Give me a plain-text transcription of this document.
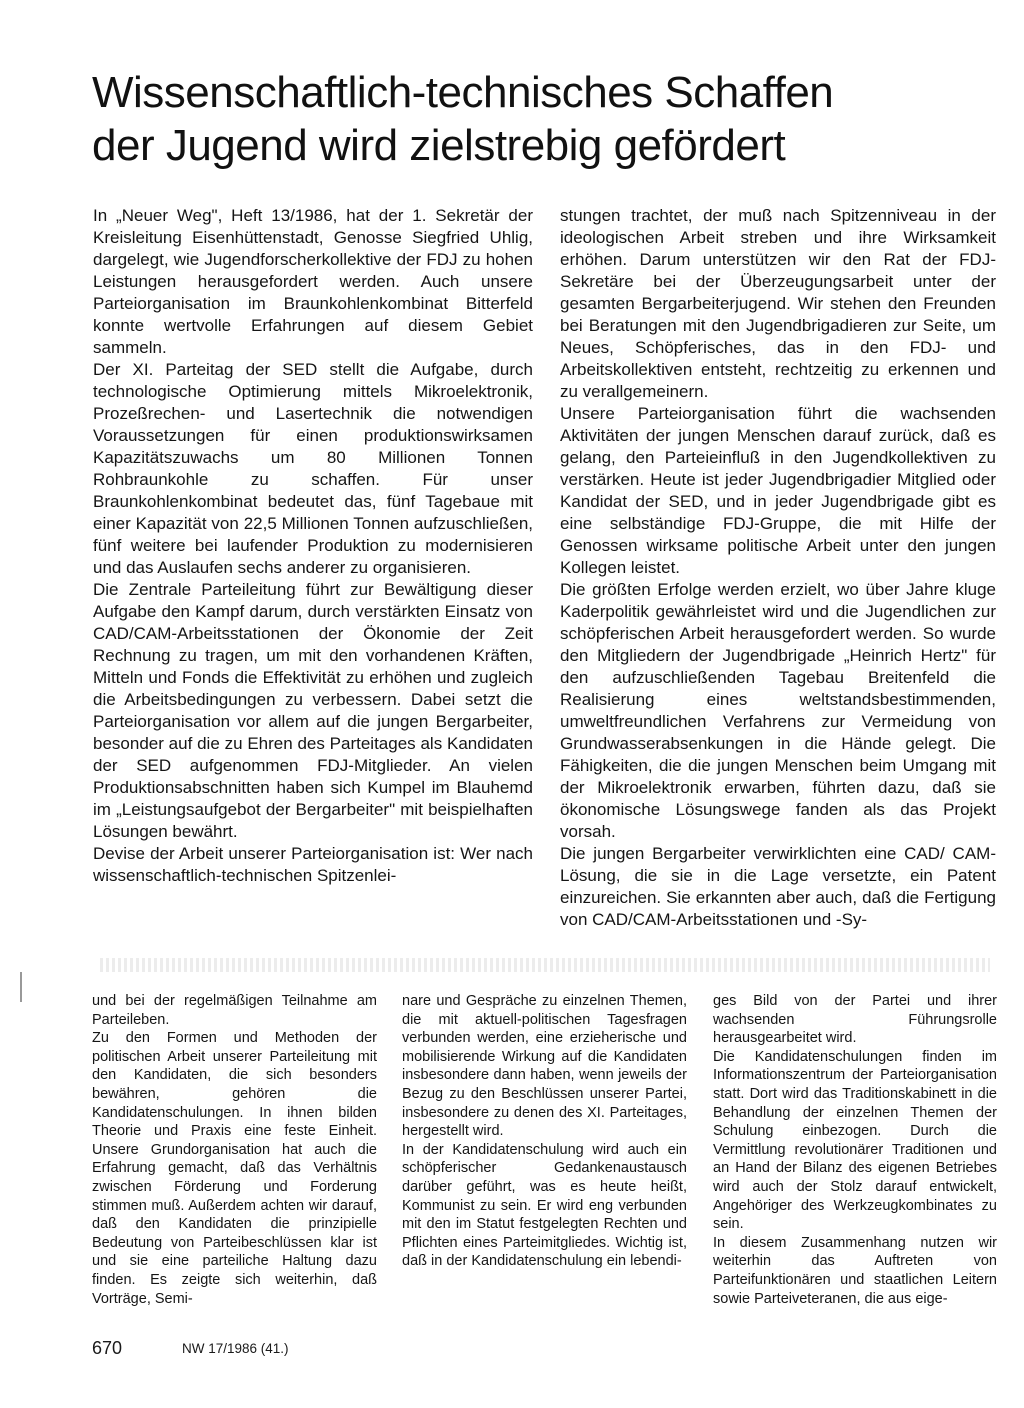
Wissenschaftlich-technisches Schaffen
der Jugend wird zielstrebig gefördert

In „Neuer Weg", Heft 13/1986, hat der 1. Sekretär der Kreisleitung Eisenhüttenstadt, Genosse Siegfried Uhlig, dargelegt, wie Jugendforscherkollektive der FDJ zu hohen Leistungen herausgefordert werden. Auch unsere Parteiorganisation im Braunkohlenkombinat Bitterfeld konnte wertvolle Erfahrungen auf diesem Gebiet sammeln.

Der XI. Parteitag der SED stellt die Aufgabe, durch technologische Optimierung mittels Mikroelektronik, Prozeßrechen- und Lasertechnik die notwendigen Voraussetzungen für einen produktionswirksamen Kapazitätszuwachs um 80 Millionen Tonnen Rohbraunkohle zu schaffen. Für unser Braunkohlenkombinat bedeutet das, fünf Tagebaue mit einer Kapazität von 22,5 Millionen Tonnen aufzuschließen, fünf weitere bei laufender Produktion zu modernisieren und das Auslaufen sechs anderer zu organisieren.

Die Zentrale Parteileitung führt zur Bewältigung dieser Aufgabe den Kampf darum, durch verstärkten Einsatz von CAD/CAM-Arbeitsstationen der Ökonomie der Zeit Rechnung zu tragen, um mit den vorhandenen Kräften, Mitteln und Fonds die Effektivität zu erhöhen und zugleich die Arbeitsbedingungen zu verbessern. Dabei setzt die Parteiorganisation vor allem auf die jungen Bergarbeiter, besonder auf die zu Ehren des Parteitages als Kandidaten der SED aufgenommen FDJ-Mitglieder. An vielen Produktionsabschnitten haben sich Kumpel im Blauhemd im „Leistungsaufgebot der Bergarbeiter" mit beispielhaften Lösungen bewährt.

Devise der Arbeit unserer Parteiorganisation ist: Wer nach wissenschaftlich-technischen Spitzenlei-

stungen trachtet, der muß nach Spitzenniveau in der ideologischen Arbeit streben und ihre Wirksamkeit erhöhen. Darum unterstützen wir den Rat der FDJ-Sekretäre bei der Überzeugungsarbeit unter der gesamten Bergarbeiterjugend. Wir stehen den Freunden bei Beratungen mit den Jugendbrigadieren zur Seite, um Neues, Schöpferisches, das in den FDJ- und Arbeitskollektiven entsteht, rechtzeitig zu erkennen und zu verallgemeinern.

Unsere Parteiorganisation führt die wachsenden Aktivitäten der jungen Menschen darauf zurück, daß es gelang, den Parteieinfluß in den Jugendkollektiven zu verstärken. Heute ist jeder Jugendbrigadier Mitglied oder Kandidat der SED, und in jeder Jugendbrigade gibt es eine selbständige FDJ-Gruppe, die mit Hilfe der Genossen wirksame politische Arbeit unter den jungen Kollegen leistet.

Die größten Erfolge werden erzielt, wo über Jahre kluge Kaderpolitik gewährleistet wird und die Jugendlichen zur schöpferischen Arbeit herausgefordert werden. So wurde den Mitgliedern der Jugendbrigade „Heinrich Hertz" für den aufzuschließenden Tagebau Breitenfeld die Realisierung eines weltstandsbestimmenden, umweltfreundlichen Verfahrens zur Vermeidung von Grundwasserabsenkungen in die Hände gelegt. Die Fähigkeiten, die die jungen Menschen beim Umgang mit der Mikroelektronik erwarben, führten dazu, daß sie ökonomische Lösungswege fanden als das Projekt vorsah.

Die jungen Bergarbeiter verwirklichten eine CAD/ CAM-Lösung, die sie in die Lage versetzte, ein Patent einzureichen. Sie erkannten aber auch, daß die Fertigung von CAD/CAM-Arbeitsstationen und -Sy-

und bei der regelmäßigen Teilnahme am Parteileben.

Zu den Formen und Methoden der politischen Arbeit unserer Parteileitung mit den Kandidaten, die sich besonders bewähren, gehören die Kandidatenschulungen. In ihnen bilden Theorie und Praxis eine feste Einheit. Unsere Grundorganisation hat auch die Erfahrung gemacht, daß das Verhältnis zwischen Förderung und Forderung stimmen muß. Außerdem achten wir darauf, daß den Kandidaten die prinzipielle Bedeutung von Parteibeschlüssen klar ist und sie eine parteiliche Haltung dazu finden. Es zeigte sich weiterhin, daß Vorträge, Semi-

nare und Gespräche zu einzelnen Themen, die mit aktuell-politischen Tagesfragen verbunden werden, eine erzieherische und mobilisierende Wirkung auf die Kandidaten insbesondere dann haben, wenn jeweils der Bezug zu den Beschlüssen unserer Partei, insbesondere zu denen des XI. Parteitages, hergestellt wird.

In der Kandidatenschulung wird auch ein schöpferischer Gedankenaustausch darüber geführt, was es heute heißt, Kommunist zu sein. Er wird eng verbunden mit den im Statut festgelegten Rechten und Pflichten eines Parteimitgliedes. Wichtig ist, daß in der Kandidatenschulung ein lebendi-

ges Bild von der Partei und ihrer wachsenden Führungsrolle herausgearbeitet wird.

Die Kandidatenschulungen finden im Informationszentrum der Parteiorganisation statt. Dort wird das Traditionskabinett in die Behandlung der einzelnen Themen der Schulung einbezogen. Durch die Vermittlung revolutionärer Traditionen und an Hand der Bilanz des eigenen Betriebes wird auch der Stolz darauf entwickelt, Angehöriger des Werkzeugkombinates zu sein.

In diesem Zusammenhang nutzen wir weiterhin das Auftreten von Parteifunktionären und staatlichen Leitern sowie Parteiveteranen, die aus eige-

670	NW 17/1986 (41.)
